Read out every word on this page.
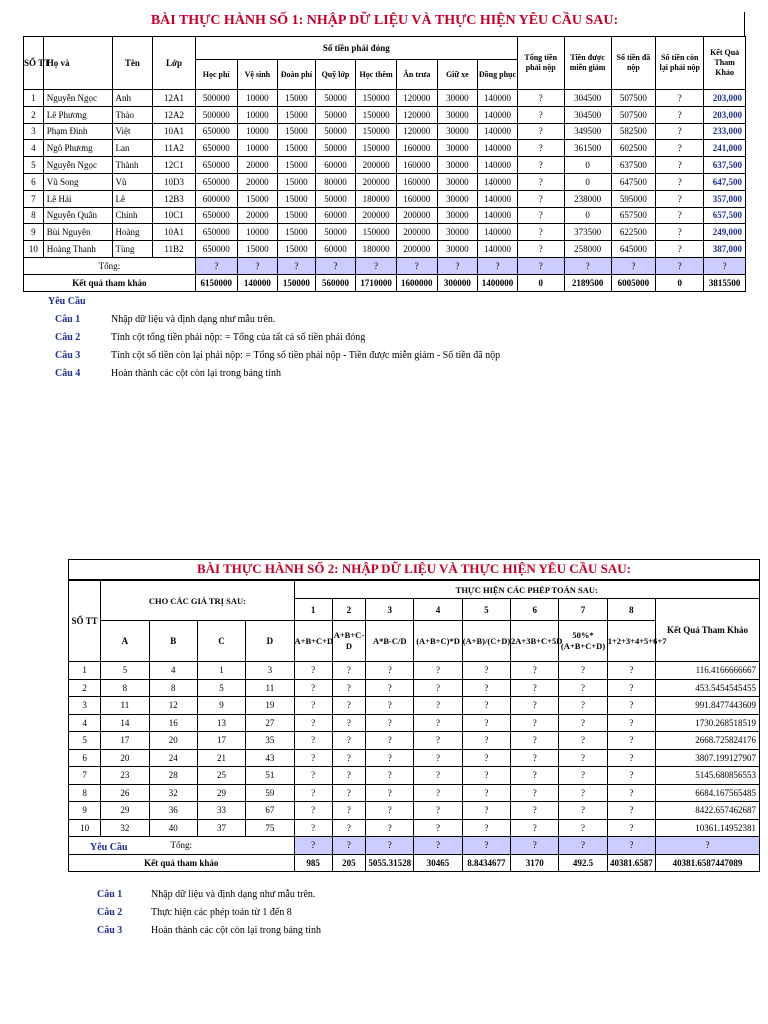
BÀI THỰC HÀNH SỐ 1: NHẬP DỮ LIỆU VÀ THỰC HIỆN YÊU CẦU SAU:
SỐ TT	Họ và	Tên	Lớp	Số tiền phải đóng								Tổng tiền phải nộp	Tiền được miễn giảm	Số tiền đã nộp	Số tiền còn lại phải nộp	Kết Quả Tham Khảo
				Học phí	Vệ sinh	Đoàn phí	Quỹ lớp	Học thêm	Ăn trưa	Giữ xe	Đồng phục					
1	Nguyễn Ngọc	Anh	12A1	500000	10000	15000	50000	150000	120000	30000	140000	?	304500	507500	?	203,000
2	Lê Phương	Thảo	12A2	500000	10000	15000	50000	150000	120000	30000	140000	?	304500	507500	?	203,000
3	Phạm Đình	Việt	10A1	650000	10000	15000	50000	150000	120000	30000	140000	?	349500	582500	?	233,000
4	Ngô Phương	Lan	11A2	650000	10000	15000	50000	150000	160000	30000	140000	?	361500	602500	?	241,000
5	Nguyễn Ngọc	Thành	12C1	650000	20000	15000	60000	200000	160000	30000	140000	?	0	637500	?	637,500
6	Vũ Song	Vũ	10D3	650000	20000	15000	80000	200000	160000	30000	140000	?	0	647500	?	647,500
7	Lê Hải	Lê	12B3	600000	15000	15000	50000	180000	160000	30000	140000	?	238000	595000	?	357,000
8	Nguyễn Quân	Chính	10C1	650000	20000	15000	60000	200000	200000	30000	140000	?	0	657500	?	657,500
9	Bùi Nguyên	Hoàng	10A1	650000	10000	15000	50000	150000	200000	30000	140000	?	373500	622500	?	249,000
10	Hoàng Thanh	Tùng	11B2	650000	15000	15000	60000	180000	200000	30000	140000	?	258000	645000	?	387,000
Tổng:				?	?	?	?	?	?	?	?	?	?	?	?	?
Kết quả tham khảo				6150000	140000	150000	560000	1710000	1600000	300000	1400000	0	2189500	6005000	0	3815500
Yêu Cầu
Câu 1	Nhập dữ liệu và định dạng như mẫu trên.
Câu 2	Tính cột tổng tiền phải nộp: = Tổng của tất cả số tiền phải đóng
Câu 3	Tính cột số tiền còn lại phải nộp: = Tổng số tiền phải nộp - Tiền được miễn giảm - Số tiền đã nộp
Câu 4	Hoàn thành các cột còn lại trong bảng tính
BÀI THỰC HÀNH SỐ 2: NHẬP DỮ LIỆU VÀ THỰC HIỆN YÊU CẦU SAU:
SỐ TT	CHO CÁC GIÁ TRỊ SAU:				THỰC HIỆN CÁC PHÉP TOÁN SAU:								
					1	2	3	4	5	6	7	8	Kết Quả Tham Khảo
	A	B	C	D	A+B+C+D	A+B+C-D	A*B-C/D	(A+B+C)*D	(A+B)/(C+D)	2A+3B+C+5D	50%*(A+B+C+D)	1+2+3+4+5+6+7	
1	5	4	1	3	?	?	?	?	?	?	?	?	116.4166666667
2	8	8	5	11	?	?	?	?	?	?	?	?	453.5454545455
3	11	12	9	19	?	?	?	?	?	?	?	?	991.8477443609
4	14	16	13	27	?	?	?	?	?	?	?	?	1730.268518519
5	17	20	17	35	?	?	?	?	?	?	?	?	2668.725824176
6	20	24	21	43	?	?	?	?	?	?	?	?	3807.199127907
7	23	28	25	51	?	?	?	?	?	?	?	?	5145.680856553
8	26	32	29	59	?	?	?	?	?	?	?	?	6684.167565485
9	29	36	33	67	?	?	?	?	?	?	?	?	8422.657462687
10	32	40	37	75	?	?	?	?	?	?	?	?	10361.14952381
Tổng:					?	?	?	?	?	?	?	?	?
Kết quả tham khảo					985	205	5055.31528	30465	8.8434677	3170	492.5	40381.6587	40381.6587447089
Yêu Cầu
Câu 1	Nhập dữ liệu và định dạng như mẫu trên.
Câu 2	Thực hiện các phép toán từ 1 đến 8
Câu 3	Hoàn thành các cột còn lại trong bảng tính
